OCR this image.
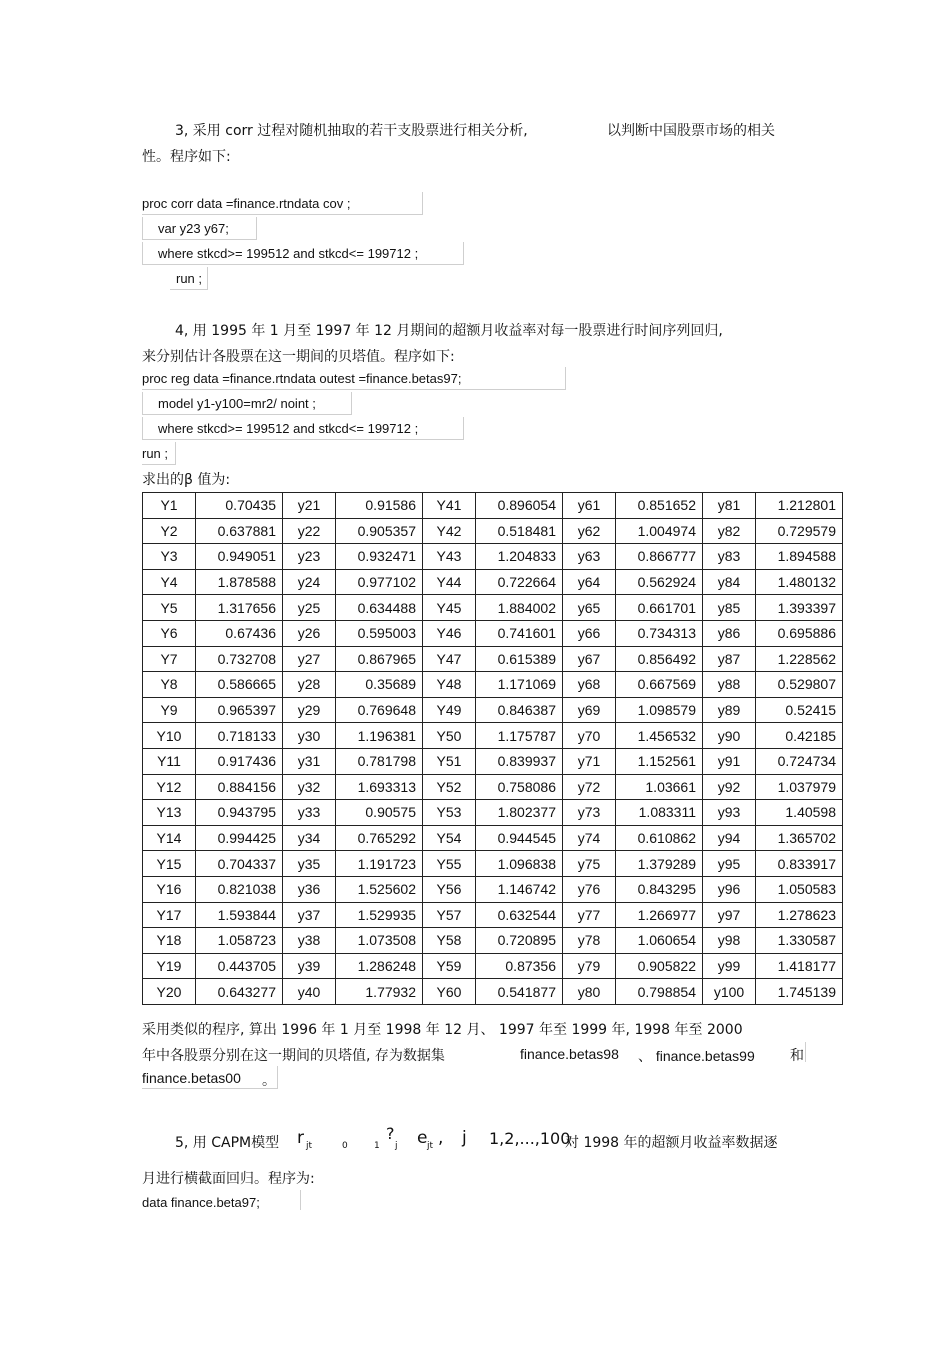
3, 采用 corr 过程对随机抽取的若干支股票进行相关分析,	以判断中国股票市场的相关
性。程序如下:
proc corr data =finance.rtndata cov ;
var y23 y67;
where stkcd>= 199512 and stkcd<= 199712 ;
run ;
4, 用 1995 年 1 月至 1997 年 12 月期间的超额月收益率对每一股票进行时间序列回归,
来分别估计各股票在这一期间的贝塔值。程序如下:
proc reg data =finance.rtndata outest =finance.betas97;
model y1-y100=mr2/ noint ;
where stkcd>= 199512 and stkcd<= 199712 ;
run ;
求出的β 值为:
Y1	0.70435	y21	0.91586	Y41	0.896054	y61	0.851652	y81	1.212801
Y2	0.637881	y22	0.905357	Y42	0.518481	y62	1.004974	y82	0.729579
Y3	0.949051	y23	0.932471	Y43	1.204833	y63	0.866777	y83	1.894588
Y4	1.878588	y24	0.977102	Y44	0.722664	y64	0.562924	y84	1.480132
Y5	1.317656	y25	0.634488	Y45	1.884002	y65	0.661701	y85	1.393397
Y6	0.67436	y26	0.595003	Y46	0.741601	y66	0.734313	y86	0.695886
Y7	0.732708	y27	0.867965	Y47	0.615389	y67	0.856492	y87	1.228562
Y8	0.586665	y28	0.35689	Y48	1.171069	y68	0.667569	y88	0.529807
Y9	0.965397	y29	0.769648	Y49	0.846387	y69	1.098579	y89	0.52415
Y10	0.718133	y30	1.196381	Y50	1.175787	y70	1.456532	y90	0.42185
Y11	0.917436	y31	0.781798	Y51	0.839937	y71	1.152561	y91	0.724734
Y12	0.884156	y32	1.693313	Y52	0.758086	y72	1.03661	y92	1.037979
Y13	0.943795	y33	0.90575	Y53	1.802377	y73	1.083311	y93	1.40598
Y14	0.994425	y34	0.765292	Y54	0.944545	y74	0.610862	y94	1.365702
Y15	0.704337	y35	1.191723	Y55	1.096838	y75	1.379289	y95	0.833917
Y16	0.821038	y36	1.525602	Y56	1.146742	y76	0.843295	y96	1.050583
Y17	1.593844	y37	1.529935	Y57	0.632544	y77	1.266977	y97	1.278623
Y18	1.058723	y38	1.073508	Y58	0.720895	y78	1.060654	y98	1.330587
Y19	0.443705	y39	1.286248	Y59	0.87356	y79	0.905822	y99	1.418177
Y20	0.643277	y40	1.77932	Y60	0.541877	y80	0.798854	y100	1.745139
采用类似的程序, 算出 1996 年 1 月至 1998 年 12 月、 1997 年至 1999 年, 1998 年至 2000
年中各股票分别在这一期间的贝塔值, 存为数据集	finance.betas98 、 finance.betas99	和
finance.betas00 。
5, 用 CAPM模型 r jt	0	1
?
j e jt , j 1,2,...,100
对 1998 年的超额月收益率数据逐
月进行横截面回归。程序为:
data finance.beta97;
